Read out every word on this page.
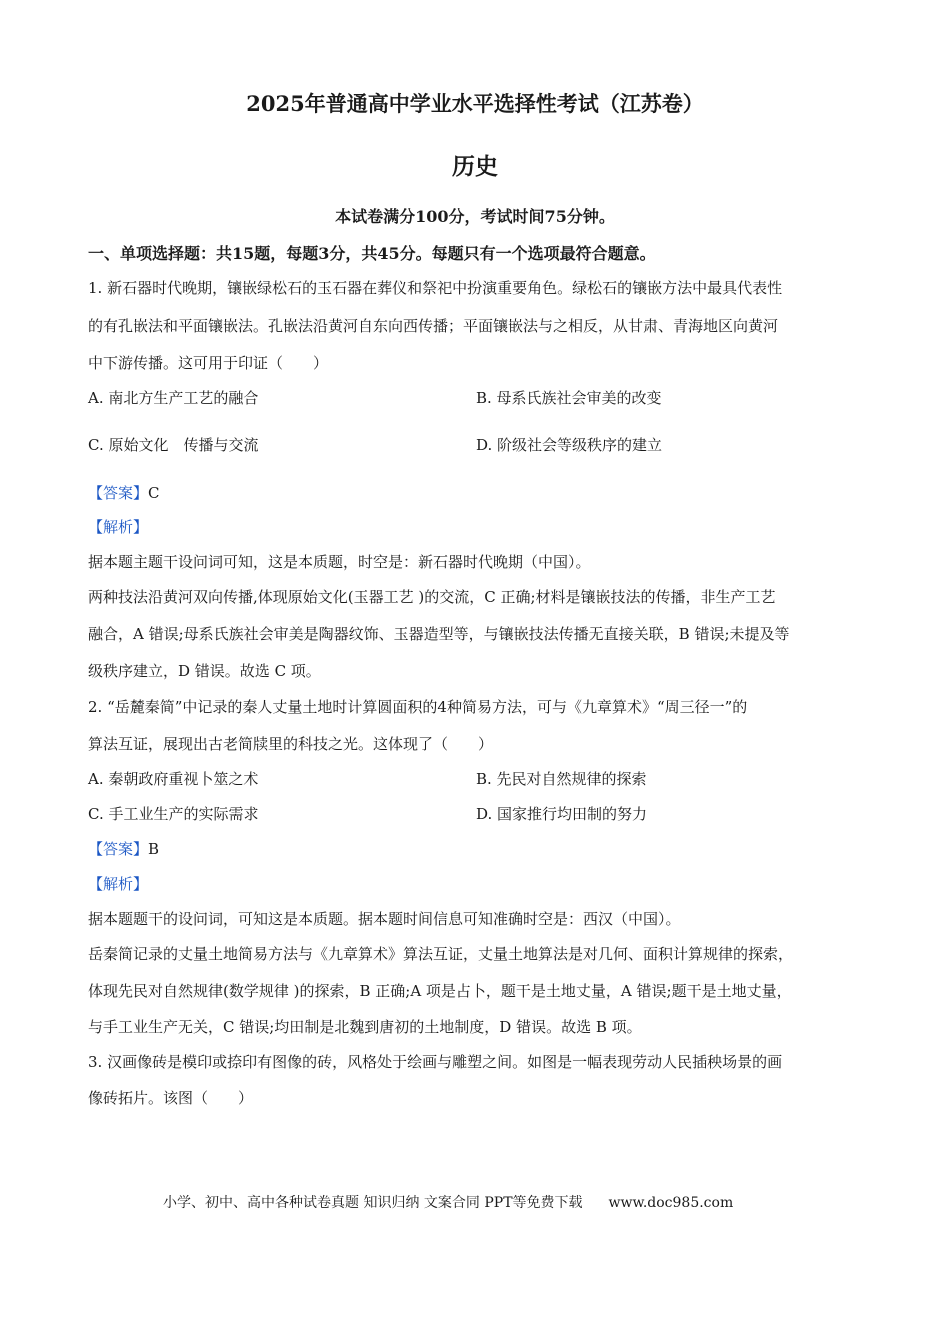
2025年普通高中学业水平选择性考试（江苏卷）
历史
本试卷满分100分，考试时间75分钟。
一、单项选择题：共15题，每题3分，共45分。每题只有一个选项最符合题意。
1. 新石器时代晚期，镶嵌绿松石的玉石器在葬仪和祭祀中扮演重要角色。绿松石的镶嵌方法中最具代表性
的有孔嵌法和平面镶嵌法。孔嵌法沿黄河自东向西传播；平面镶嵌法与之相反，从甘肃、青海地区向黄河
中下游传播。这可用于印证（　　）
A. 南北方生产工艺的融合	B. 母系氏族社会审美的改变
C. 原始文化　传播与交流	D. 阶级社会等级秩序的建立
【答案】C
【解析】
据本题主题干设问词可知，这是本质题，时空是：新石器时代晚期（中国）。
两种技法沿黄河双向传播,体现原始文化(玉器工艺 )的交流，C 正确;材料是镶嵌技法的传播，非生产工艺
融合，A 错误;母系氏族社会审美是陶器纹饰、玉器造型等，与镶嵌技法传播无直接关联，B 错误;未提及等
级秩序建立，D 错误。故选 C 项。
2. “岳麓秦简”中记录的秦人丈量土地时计算圆面积的4种简易方法，可与《九章算术》“周三径一”的
算法互证，展现出古老简牍里的科技之光。这体现了（　　）
A. 秦朝政府重视卜筮之术	B. 先民对自然规律的探索
C. 手工业生产的实际需求	D. 国家推行均田制的努力
【答案】B
【解析】
据本题题干的设问词，可知这是本质题。据本题时间信息可知准确时空是：西汉（中国）。
岳秦简记录的丈量土地简易方法与《九章算术》算法互证，丈量土地算法是对几何、面积计算规律的探索，
体现先民对自然规律(数学规律 )的探索，B 正确;A 项是占卜，题干是土地丈量，A 错误;题干是土地丈量，
与手工业生产无关，C 错误;均田制是北魏到唐初的土地制度，D 错误。故选 B 项。
3. 汉画像砖是模印或捺印有图像的砖，风格处于绘画与雕塑之间。如图是一幅表现劳动人民插秧场景的画
像砖拓片。该图（　　）
小学、初中、高中各种试卷真题 知识归纳 文案合同 PPT等免费下载 www.doc985.com
